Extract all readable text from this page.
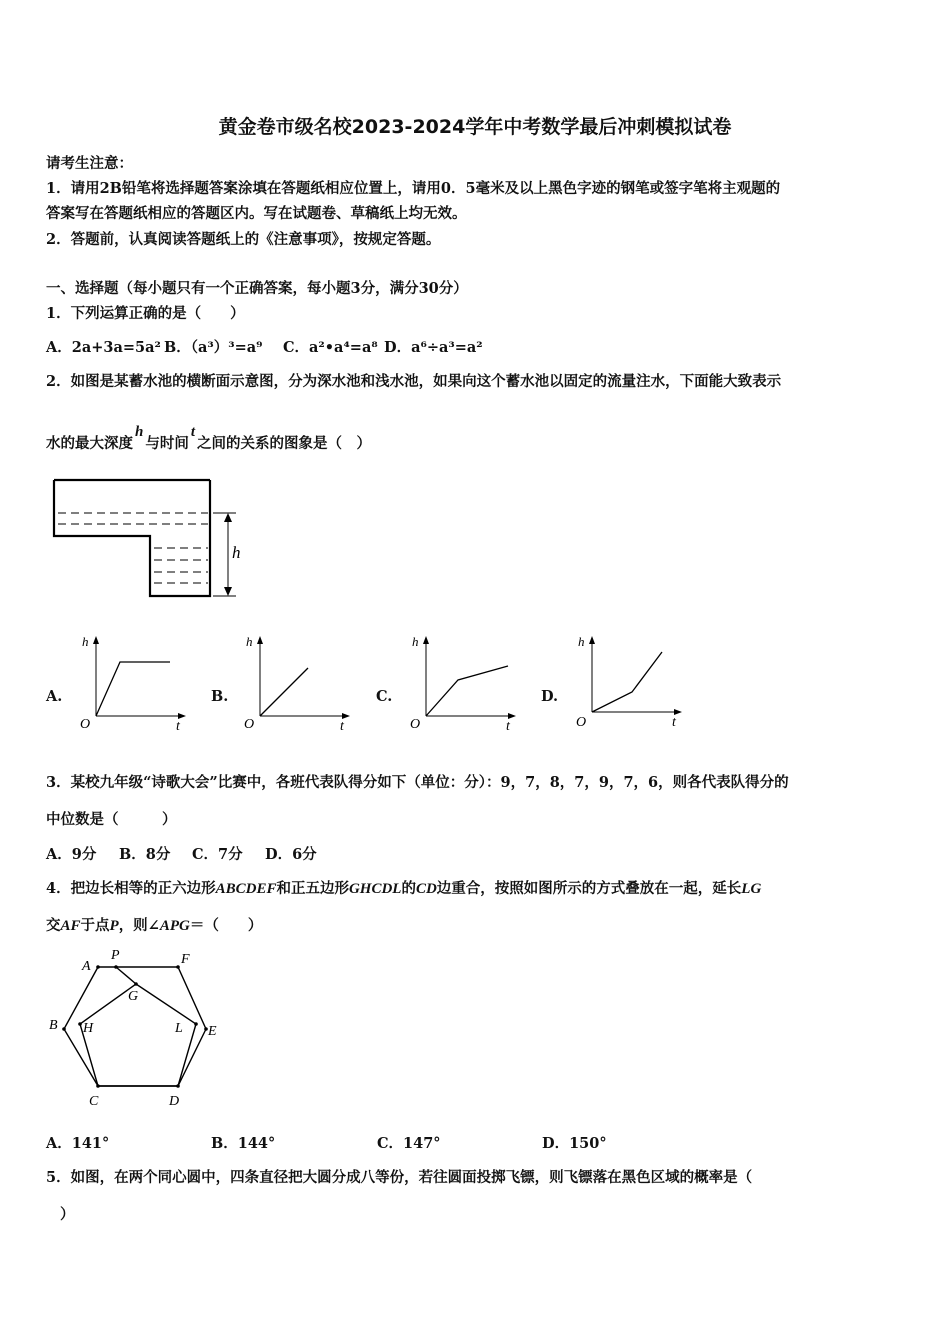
黄金卷市级名校2023-2024学年中考数学最后冲刺模拟试卷
请考生注意：
1．请用2B铅笔将选择题答案涂填在答题纸相应位置上，请用0．5毫米及以上黑色字迹的钢笔或签字笔将主观题的
答案写在答题纸相应的答题区内。写在试题卷、草稿纸上均无效。
2．答题前，认真阅读答题纸上的《注意事项》，按规定答题。
一、选择题（每小题只有一个正确答案，每小题3分，满分30分）
1．下列运算正确的是（　　）
A．2a+3a=5a² B．（a³）³=a⁹ C．a²•a⁴=a⁸ D．a⁶÷a³=a²
2．如图是某蓄水池的横断面示意图，分为深水池和浅水池，如果向这个蓄水池以固定的流量注水，下面能大致表示
水的最大深度h与时间t之间的关系的图象是（　）
h
A.
h
O	t
B.
h
O	t
C.
h
O	t
D.
h
O	t
3．某校九年级“诗歌大会”比赛中，各班代表队得分如下（单位：分）：9，7，8，7，9，7，6，则各代表队得分的
中位数是（　　　）
A．9分 B．8分 C．7分 D．6分
4．把边长相等的正六边形ABCDEF和正五边形GHCDL的CD边重合，按照如图所示的方式叠放在一起，延长LG
交AF于点P，则∠APG＝（　　）
A
P	F
G
B H	L E
C	D
A．141°	B．144°	C．147°	D．150°
5．如图，在两个同心圆中，四条直径把大圆分成八等份，若往圆面投掷飞镖，则飞镖落在黑色区域的概率是（
）
